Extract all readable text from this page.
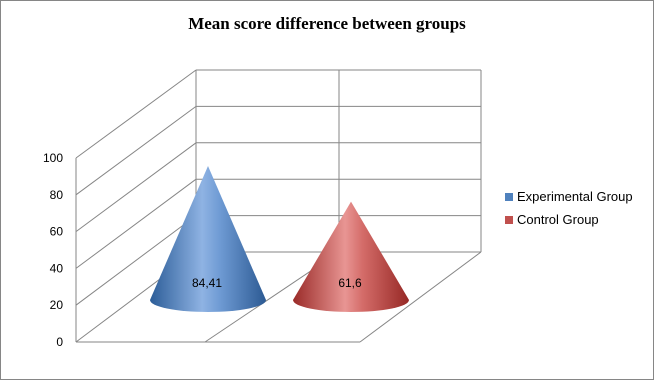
Mean score difference between groups
0
20
40
60
80
100
84,41	61,6
Experimental Group
Control Group
